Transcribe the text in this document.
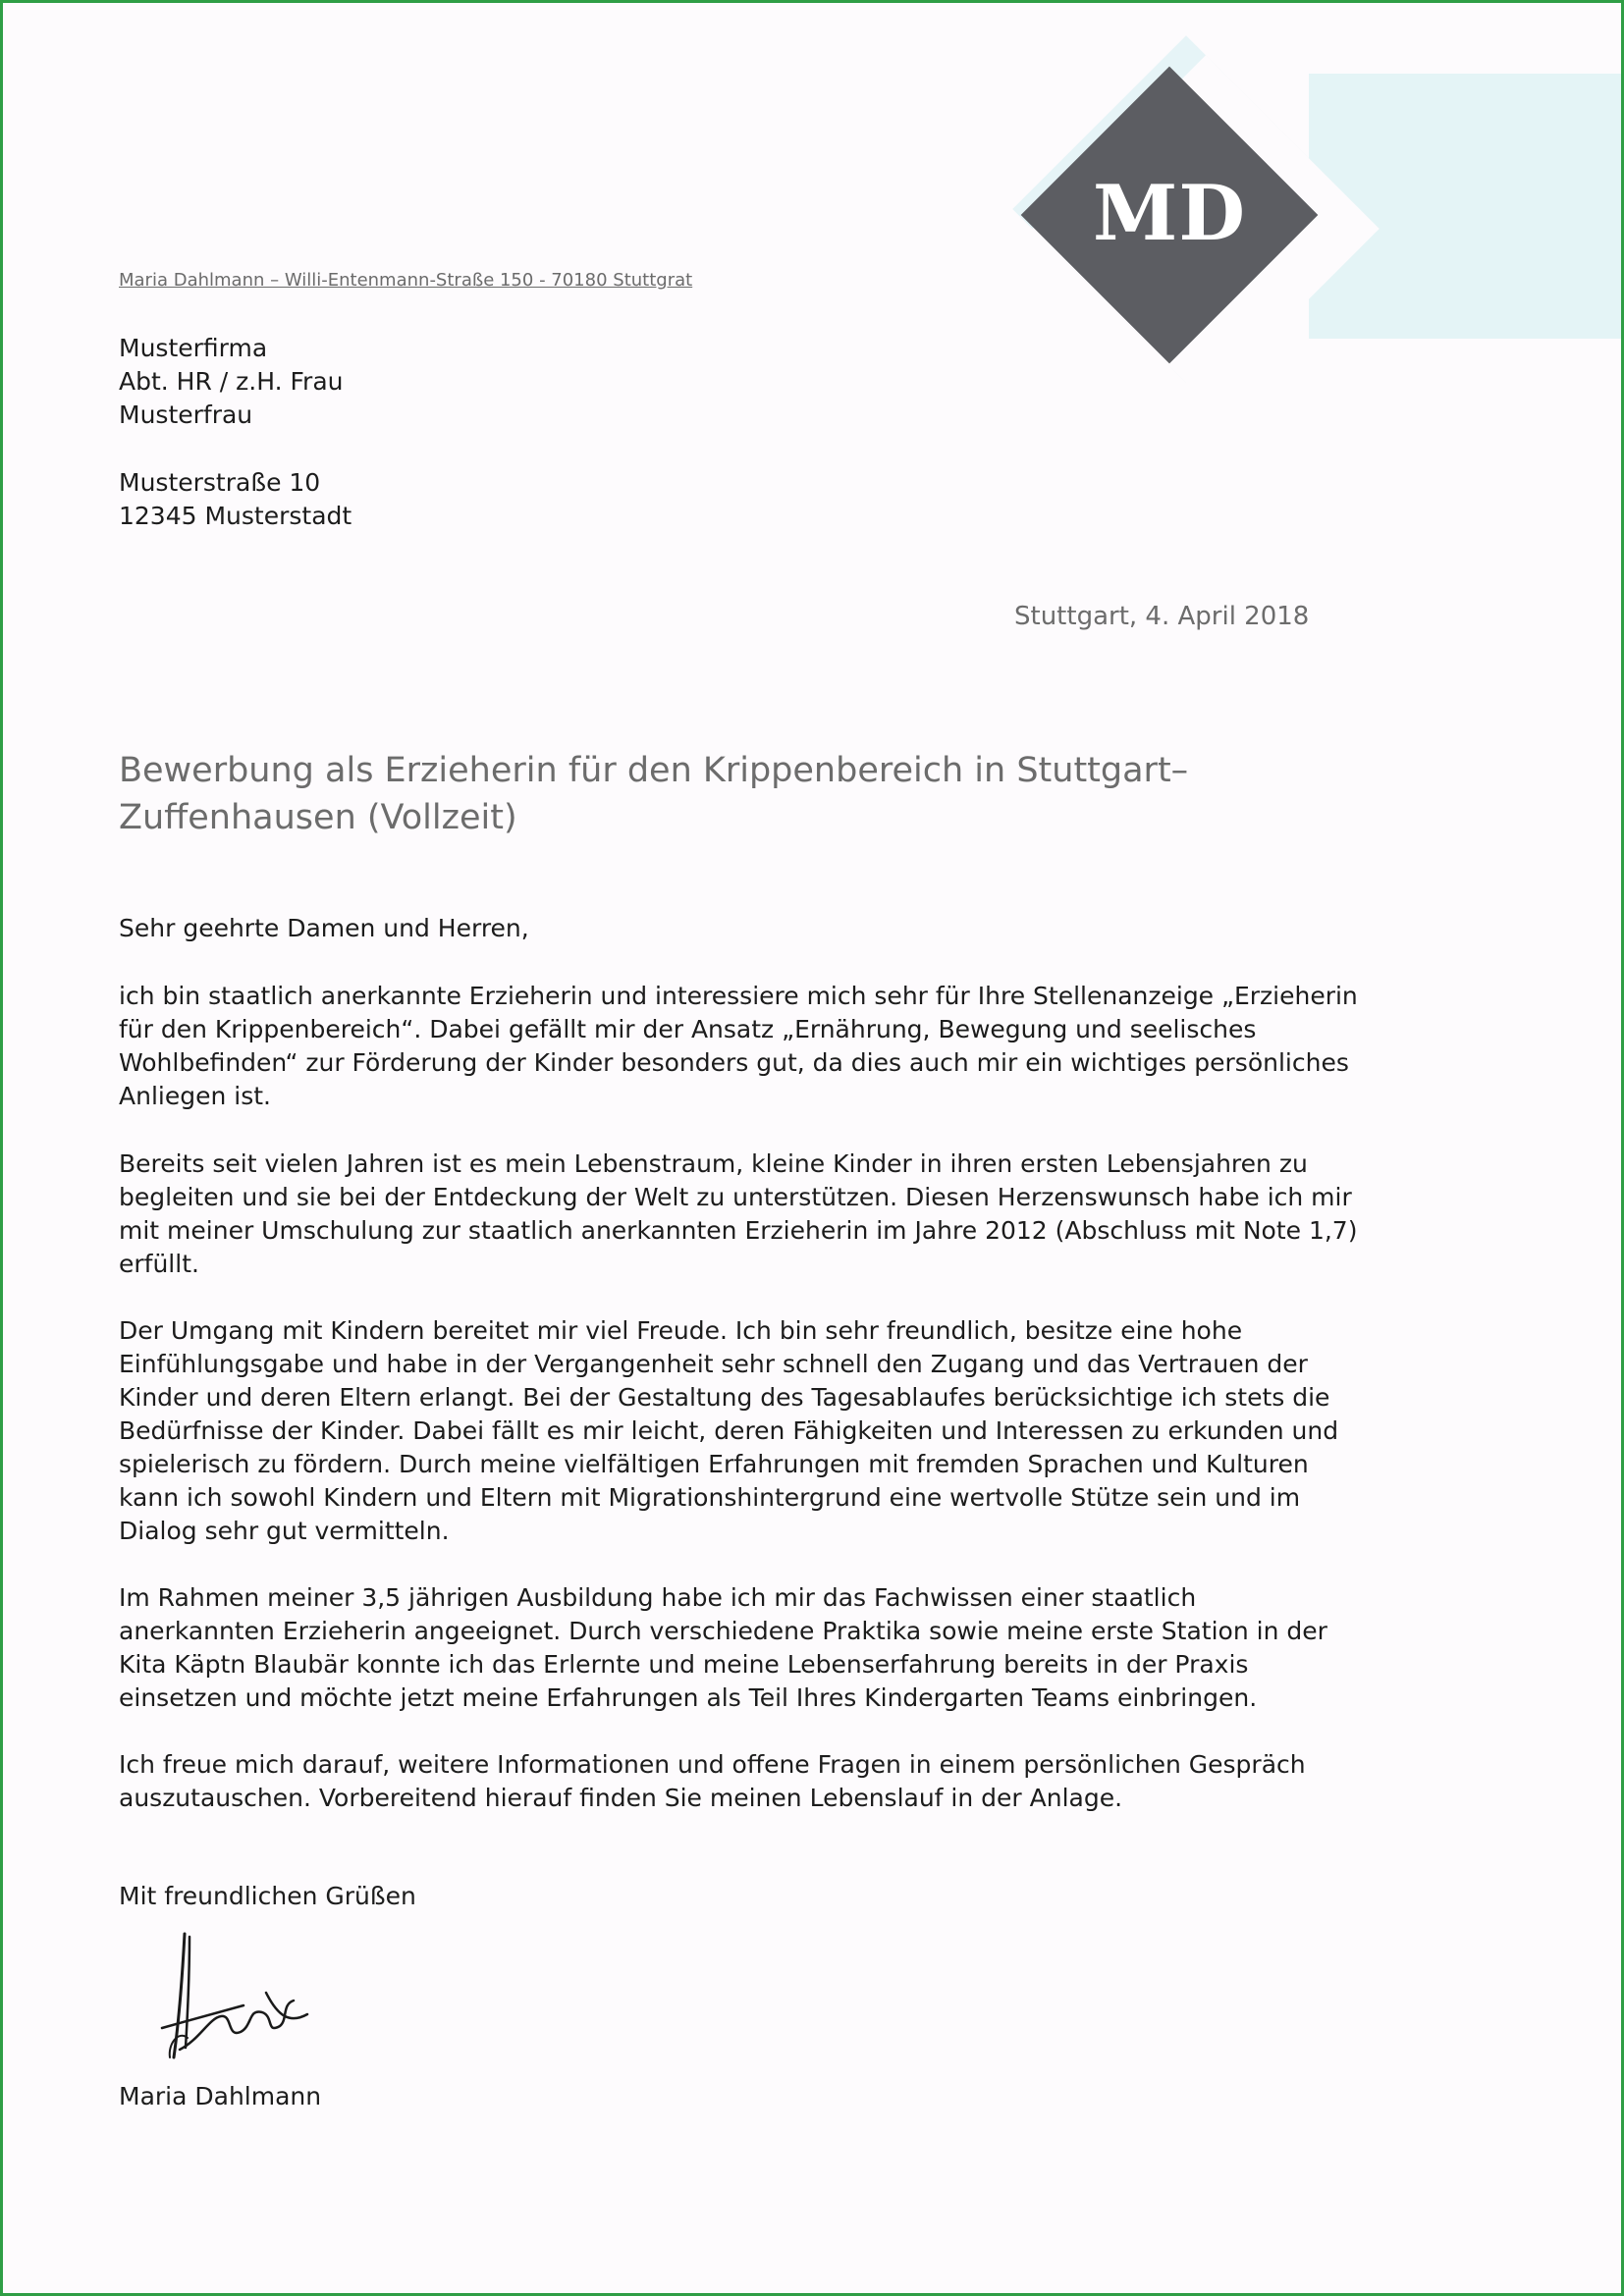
MD
Maria Dahlmann – Willi-Entenmann-Straße 150 - 70180 Stuttgrat
Musterfirma
Abt. HR / z.H. Frau
Musterfrau
Musterstraße 10
12345 Musterstadt
Stuttgart, 4. April 2018
Bewerbung als Erzieherin für den Krippenbereich in Stuttgart–
Zuffenhausen (Vollzeit)
Sehr geehrte Damen und Herren,
ich bin staatlich anerkannte Erzieherin und interessiere mich sehr für Ihre Stellenanzeige „Erzieherin
für den Krippenbereich“. Dabei gefällt mir der Ansatz „Ernährung, Bewegung und seelisches
Wohlbefinden“ zur Förderung der Kinder besonders gut, da dies auch mir ein wichtiges persönliches
Anliegen ist.
Bereits seit vielen Jahren ist es mein Lebenstraum, kleine Kinder in ihren ersten Lebensjahren zu
begleiten und sie bei der Entdeckung der Welt zu unterstützen. Diesen Herzenswunsch habe ich mir
mit meiner Umschulung zur staatlich anerkannten Erzieherin im Jahre 2012 (Abschluss mit Note 1,7)
erfüllt.
Der Umgang mit Kindern bereitet mir viel Freude. Ich bin sehr freundlich, besitze eine hohe
Einfühlungsgabe und habe in der Vergangenheit sehr schnell den Zugang und das Vertrauen der
Kinder und deren Eltern erlangt. Bei der Gestaltung des Tagesablaufes berücksichtige ich stets die
Bedürfnisse der Kinder. Dabei fällt es mir leicht, deren Fähigkeiten und Interessen zu erkunden und
spielerisch zu fördern. Durch meine vielfältigen Erfahrungen mit fremden Sprachen und Kulturen
kann ich sowohl Kindern und Eltern mit Migrationshintergrund eine wertvolle Stütze sein und im
Dialog sehr gut vermitteln.
Im Rahmen meiner 3,5 jährigen Ausbildung habe ich mir das Fachwissen einer staatlich
anerkannten Erzieherin angeeignet. Durch verschiedene Praktika sowie meine erste Station in der
Kita Käptn Blaubär konnte ich das Erlernte und meine Lebenserfahrung bereits in der Praxis
einsetzen und möchte jetzt meine Erfahrungen als Teil Ihres Kindergarten Teams einbringen.
Ich freue mich darauf, weitere Informationen und offene Fragen in einem persönlichen Gespräch
auszutauschen. Vorbereitend hierauf finden Sie meinen Lebenslauf in der Anlage.
Mit freundlichen Grüßen
Maria Dahlmann
